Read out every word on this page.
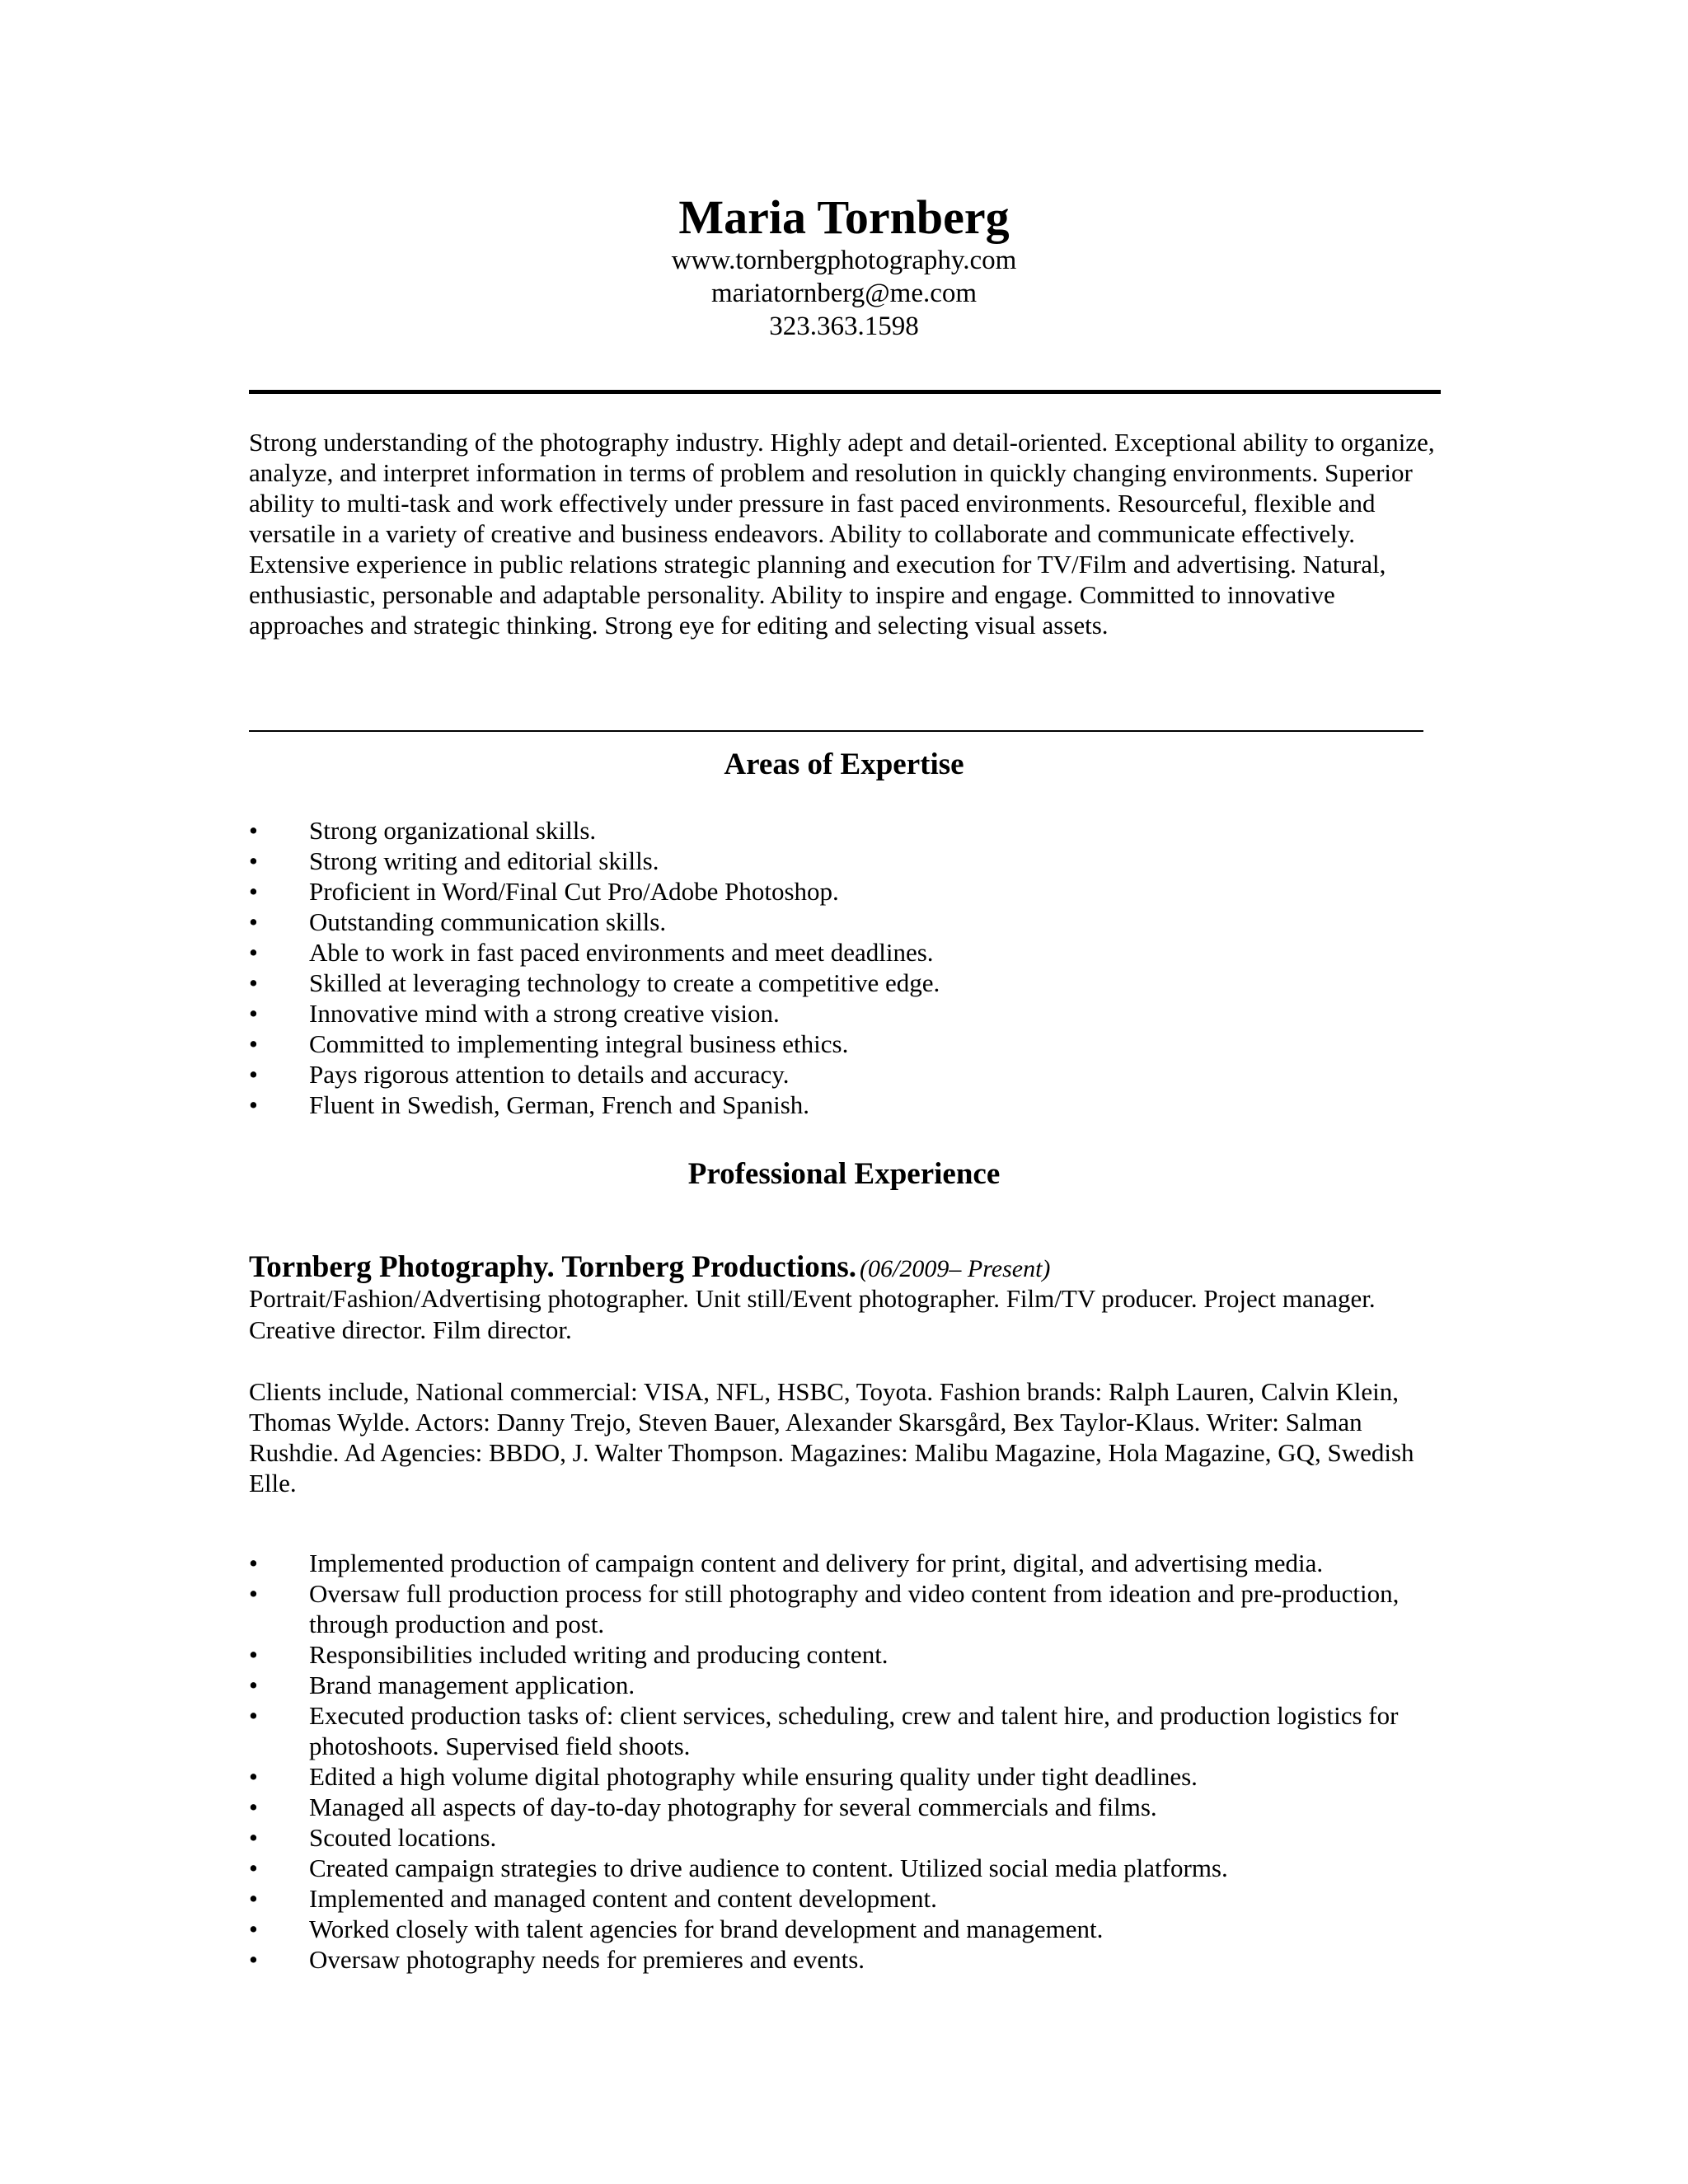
Maria Tornberg

www.tornbergphotography.com

mariatornberg@me.com

323.363.1598

Strong understanding of the photography industry. Highly adept and detail-oriented. Exceptional ability to organize, analyze, and interpret information in terms of problem and resolution in quickly changing environments. Superior ability to multi-task and work effectively under pressure in fast paced environments. Resourceful, flexible and versatile in a variety of creative and business endeavors. Ability to collaborate and communicate effectively. Extensive experience in public relations strategic planning and execution for TV/Film and advertising. Natural, enthusiastic, personable and adaptable personality. Ability to inspire and engage. Committed to innovative approaches and strategic thinking. Strong eye for editing and selecting visual assets.

Areas of Expertise
• Strong organizational skills.
• Strong writing and editorial skills.
• Proficient in Word/Final Cut Pro/Adobe Photoshop.
• Outstanding communication skills.
• Able to work in fast paced environments and meet deadlines.
• Skilled at leveraging technology to create a competitive edge.
• Innovative mind with a strong creative vision.
• Committed to implementing integral business ethics.
• Pays rigorous attention to details and accuracy.
• Fluent in Swedish, German, French and Spanish.
Professional Experience

Tornberg Photography. Tornberg Productions. (06/2009– Present)

Portrait/Fashion/Advertising photographer. Unit still/Event photographer. Film/TV producer. Project manager. Creative director. Film director.

Clients include, National commercial: VISA, NFL, HSBC, Toyota. Fashion brands: Ralph Lauren, Calvin Klein, Thomas Wylde. Actors: Danny Trejo, Steven Bauer, Alexander Skarsgård, Bex Taylor-Klaus. Writer: Salman Rushdie. Ad Agencies: BBDO, J. Walter Thompson. Magazines: Malibu Magazine, Hola Magazine, GQ, Swedish Elle.

• Implemented production of campaign content and delivery for print, digital, and advertising media.
• Oversaw full production process for still photography and video content from ideation and pre-production, through production and post.
• Responsibilities included writing and producing content.
• Brand management application.
• Executed production tasks of: client services, scheduling, crew and talent hire, and production logistics for photoshoots. Supervised field shoots.
• Edited a high volume digital photography while ensuring quality under tight deadlines.
• Managed all aspects of day-to-day photography for several commercials and films.
• Scouted locations.
• Created campaign strategies to drive audience to content. Utilized social media platforms.
• Implemented and managed content and content development.
• Worked closely with talent agencies for brand development and management.
• Oversaw photography needs for premieres and events.
